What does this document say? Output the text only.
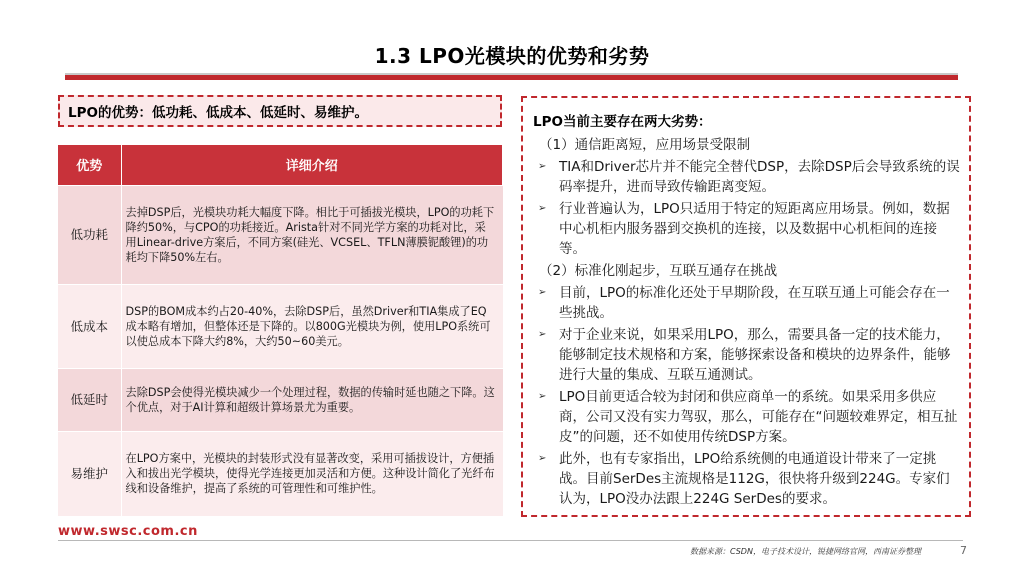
1.3 LPO光模块的优势和劣势
LPO的优势：低功耗、低成本、低延时、易维护。
优势	详细介绍
低功耗	去掉DSP后，光模块功耗大幅度下降。相比于可插拔光模块，LPO的功耗下降约50%，与CPO的功耗接近。Arista针对不同光学方案的功耗对比，采用Linear-drive方案后，不同方案(硅光、VCSEL、TFLN薄膜铌酸锂)的功耗均下降50%左右。
低成本	DSP的BOM成本约占20-40%，去除DSP后，虽然Driver和TIA集成了EQ成本略有增加，但整体还是下降的。以800G光模块为例，使用LPO系统可以使总成本下降大约8%，大约50~60美元。
低延时	去除DSP会使得光模块减少一个处理过程，数据的传输时延也随之下降。这个优点，对于AI计算和超级计算场景尤为重要。
易维护	在LPO方案中，光模块的封装形式没有显著改变，采用可插拔设计，方便插入和拔出光学模块，使得光学连接更加灵活和方便。这种设计简化了光纤布线和设备维护，提高了系统的可管理性和可维护性。
LPO当前主要存在两大劣势：
（1）通信距离短，应用场景受限制
➢ TIA和Driver芯片并不能完全替代DSP，去除DSP后会导致系统的误码率提升，进而导致传输距离变短。
➢ 行业普遍认为，LPO只适用于特定的短距离应用场景。例如，数据中心机柜内服务器到交换机的连接，以及数据中心机柜间的连接等。
（2）标准化刚起步，互联互通存在挑战
➢ 目前，LPO的标准化还处于早期阶段，在互联互通上可能会存在一些挑战。
➢ 对于企业来说，如果采用LPO，那么，需要具备一定的技术能力，能够制定技术规格和方案，能够探索设备和模块的边界条件，能够进行大量的集成、互联互通测试。
➢ LPO目前更适合较为封闭和供应商单一的系统。如果采用多供应商，公司又没有实力驾驭，那么，可能存在“问题较难界定，相互扯皮”的问题，还不如使用传统DSP方案。
➢ 此外，也有专家指出，LPO给系统侧的电通道设计带来了一定挑战。目前SerDes主流规格是112G，很快将升级到224G。专家们认为，LPO没办法跟上224G SerDes的要求。
www.swsc.com.cn
数据来源：CSDN，电子技术设计，锐捷网络官网，西南证券整理	7
